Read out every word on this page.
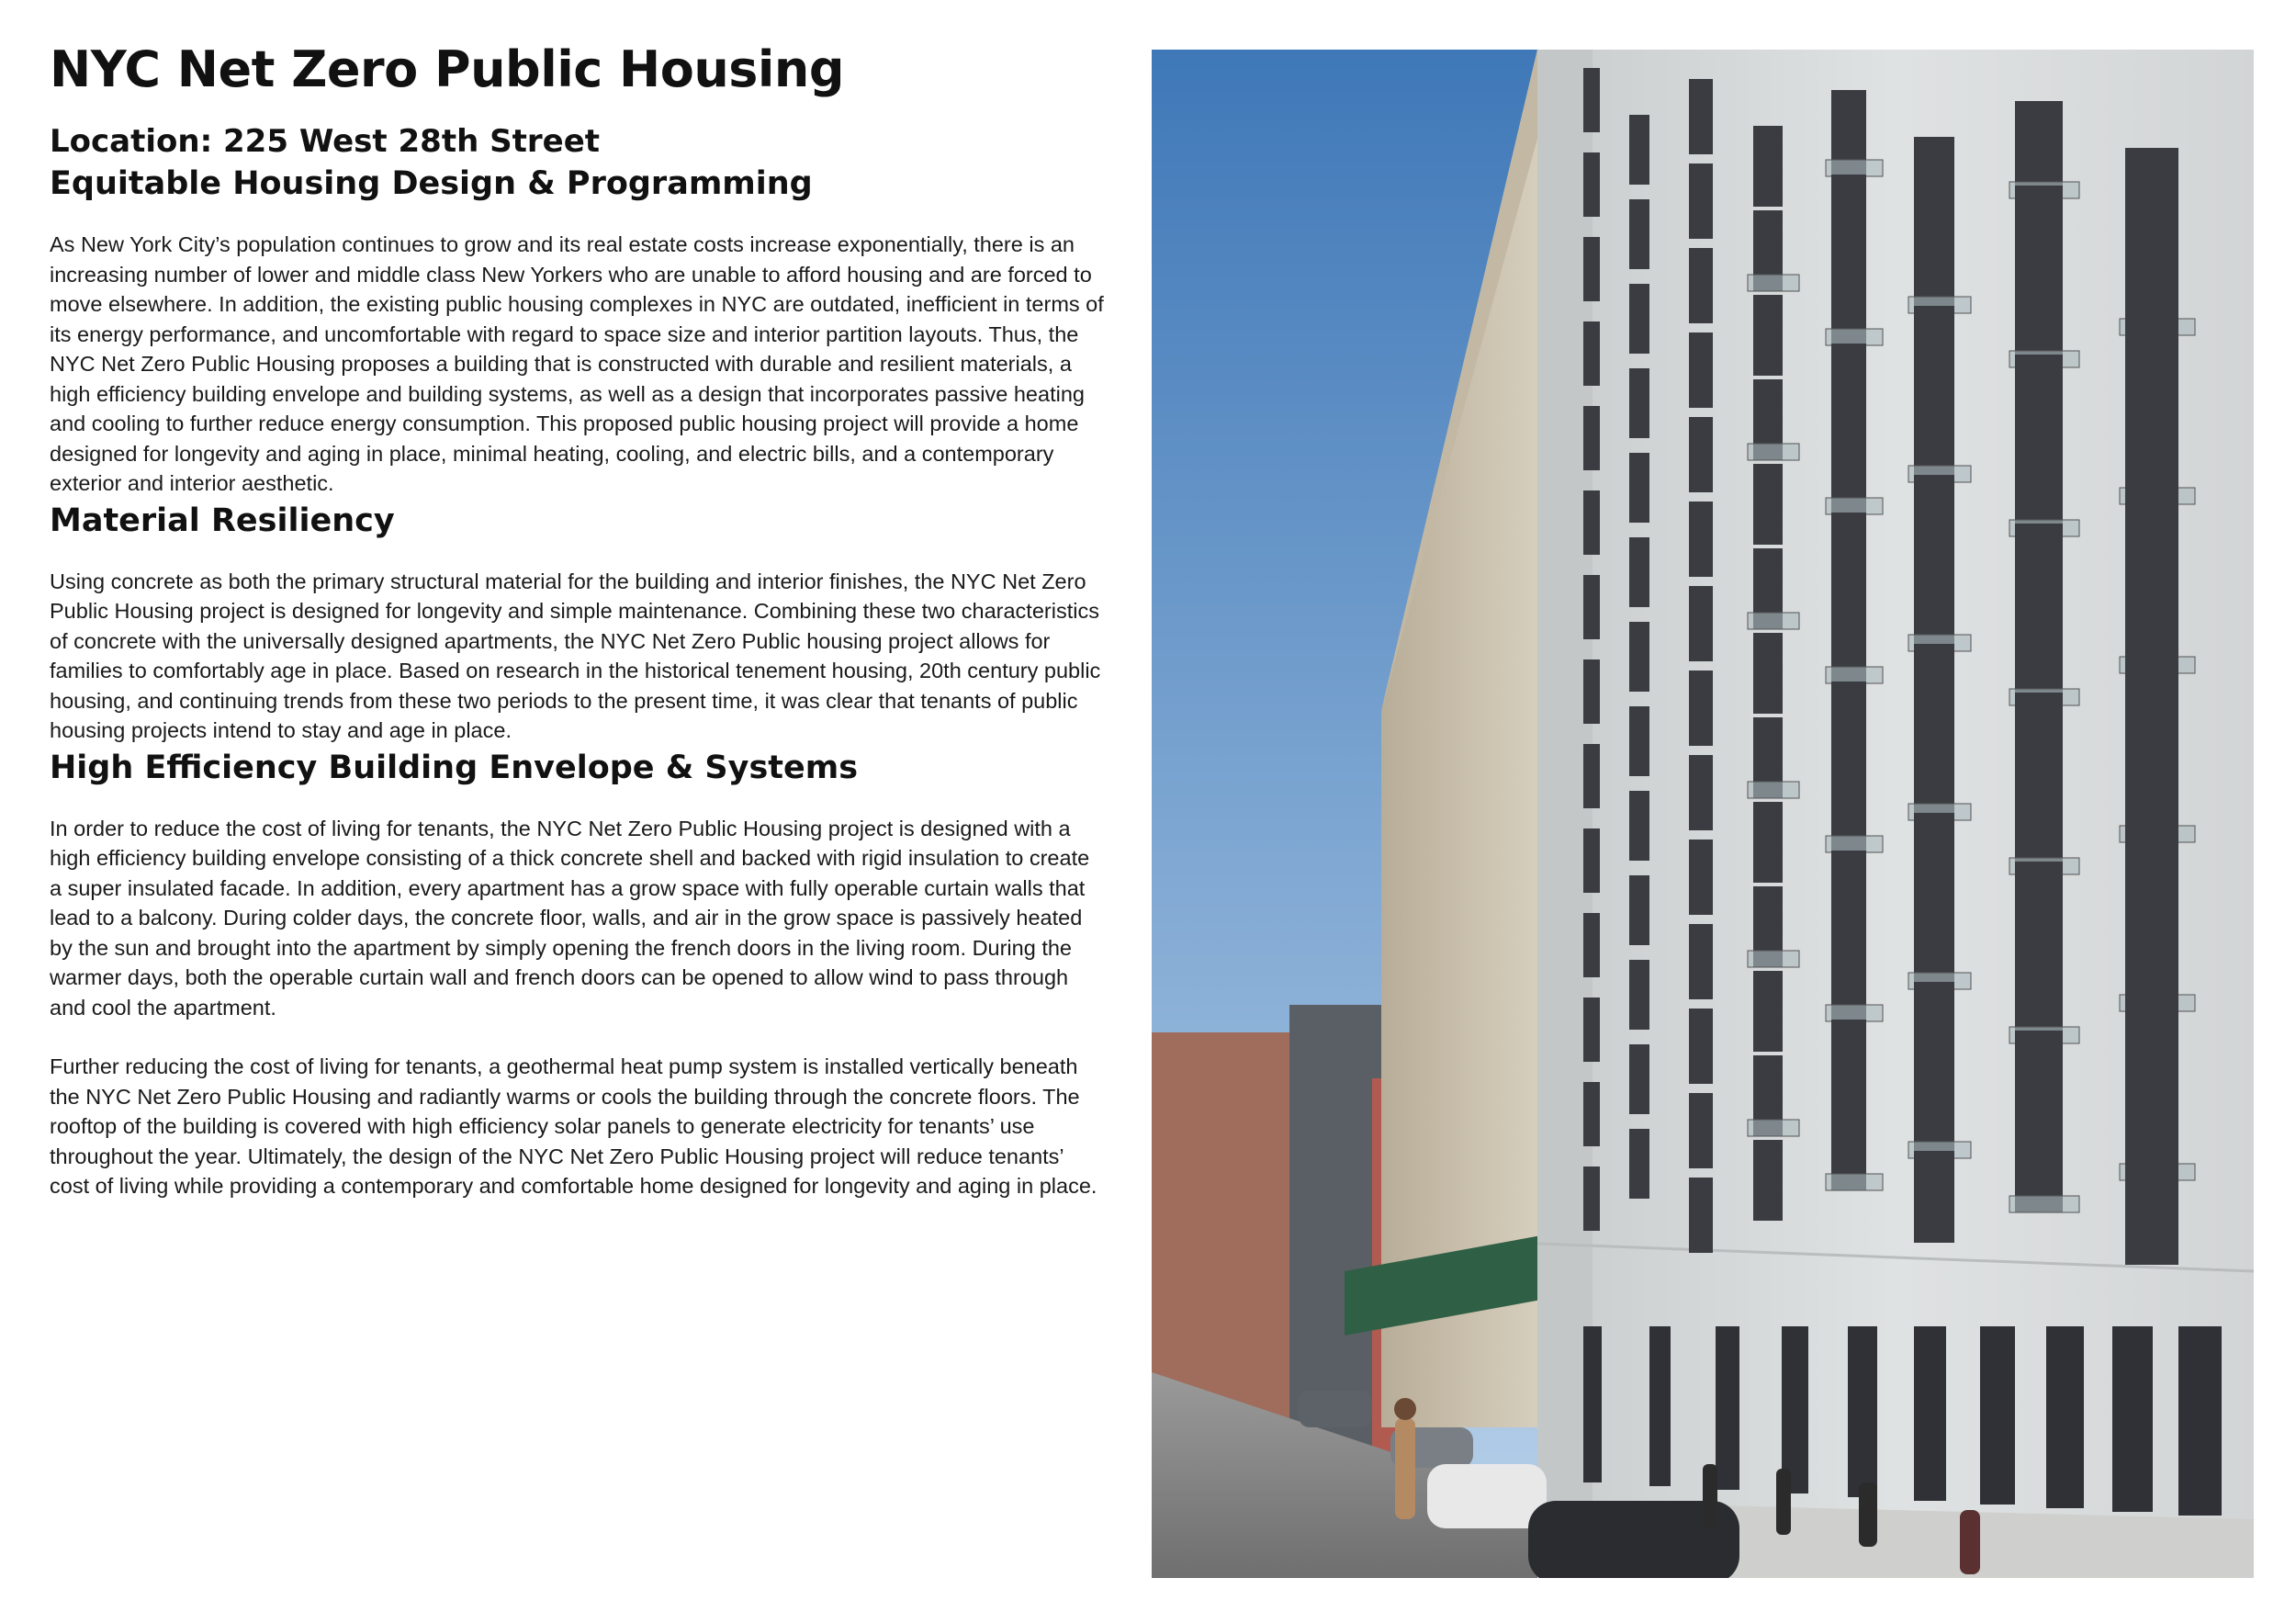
NYC Net Zero Public Housing
Location: 225 West 28th Street
Equitable Housing Design & Programming

As New York City’s population continues to grow and its real estate costs increase exponentially, there is an increasing number of lower and middle class New Yorkers who are unable to afford housing and are forced to move elsewhere. In addition, the existing public housing complexes in NYC are outdated, inefficient in terms of its energy performance, and uncomfortable with regard to space size and interior partition layouts. Thus, the NYC Net Zero Public Housing proposes a building that is constructed with durable and resilient materials, a high efficiency building envelope and building systems, as well as a design that incorporates passive heating and cooling to further reduce energy consumption. This proposed public housing project will provide a home designed for longevity and aging in place, minimal heating, cooling, and electric bills, and a contemporary exterior and interior aesthetic.

Material Resiliency

Using concrete as both the primary structural material for the building and interior finishes, the NYC Net Zero Public Housing project is designed for longevity and simple maintenance. Combining these two characteristics of concrete with the universally designed apartments, the NYC Net Zero Public housing project allows for families to comfortably age in place. Based on research in the historical tenement housing, 20th century public housing, and continuing trends from these two periods to the present time, it was clear that tenants of public housing projects intend to stay and age in place.

High Efficiency Building Envelope & Systems

In order to reduce the cost of living for tenants, the NYC Net Zero Public Housing project is designed with a high efficiency building envelope consisting of a thick concrete shell and backed with rigid insulation to create a super insulated facade. In addition, every apartment has a grow space with fully operable curtain walls that lead to a balcony. During colder days, the concrete floor, walls, and air in the grow space is passively heated by the sun and brought into the apartment by simply opening the french doors in the living room. During the warmer days, both the operable curtain wall and french doors can be opened to allow wind to pass through and cool the apartment.

Further reducing the cost of living for tenants, a geothermal heat pump system is installed vertically beneath the NYC Net Zero Public Housing and radiantly warms or cools the building through the concrete floors. The rooftop of the building is covered with high efficiency solar panels to generate electricity for tenants’ use throughout the year. Ultimately, the design of the NYC Net Zero Public Housing project will reduce tenants’ cost of living while providing a contemporary and comfortable home designed for longevity and aging in place.
